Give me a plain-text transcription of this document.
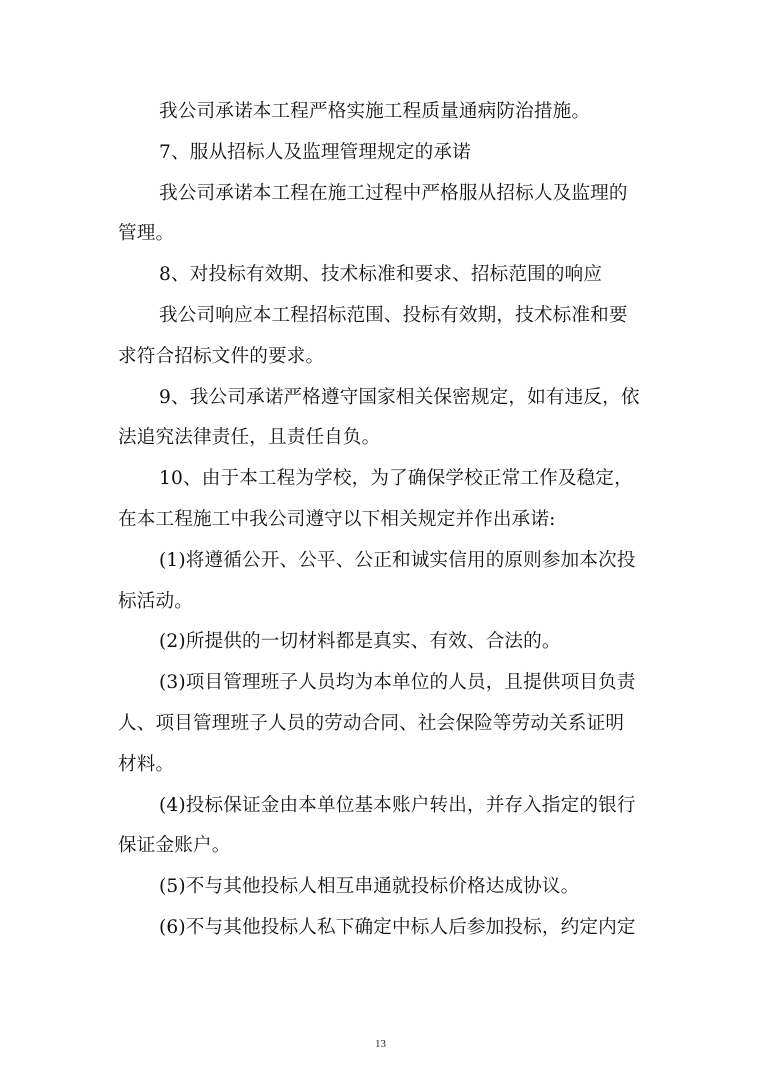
我公司承诺本工程严格实施工程质量通病防治措施。
7、服从招标人及监理管理规定的承诺
我公司承诺本工程在施工过程中严格服从招标人及监理的
管理。
8、对投标有效期、技术标准和要求、招标范围的响应
我公司响应本工程招标范围、投标有效期，技术标准和要
求符合招标文件的要求。
9、我公司承诺严格遵守国家相关保密规定，如有违反，依
法追究法律责任，且责任自负。
10、由于本工程为学校，为了确保学校正常工作及稳定，
在本工程施工中我公司遵守以下相关规定并作出承诺:
(1)将遵循公开、公平、公正和诚实信用的原则参加本次投
标活动。
(2)所提供的一切材料都是真实、有效、合法的。
(3)项目管理班子人员均为本单位的人员，且提供项目负责
人、项目管理班子人员的劳动合同、社会保险等劳动关系证明
材料。
(4)投标保证金由本单位基本账户转出，并存入指定的银行
保证金账户。
(5)不与其他投标人相互串通就投标价格达成协议。
(6)不与其他投标人私下确定中标人后参加投标，约定内定
13
